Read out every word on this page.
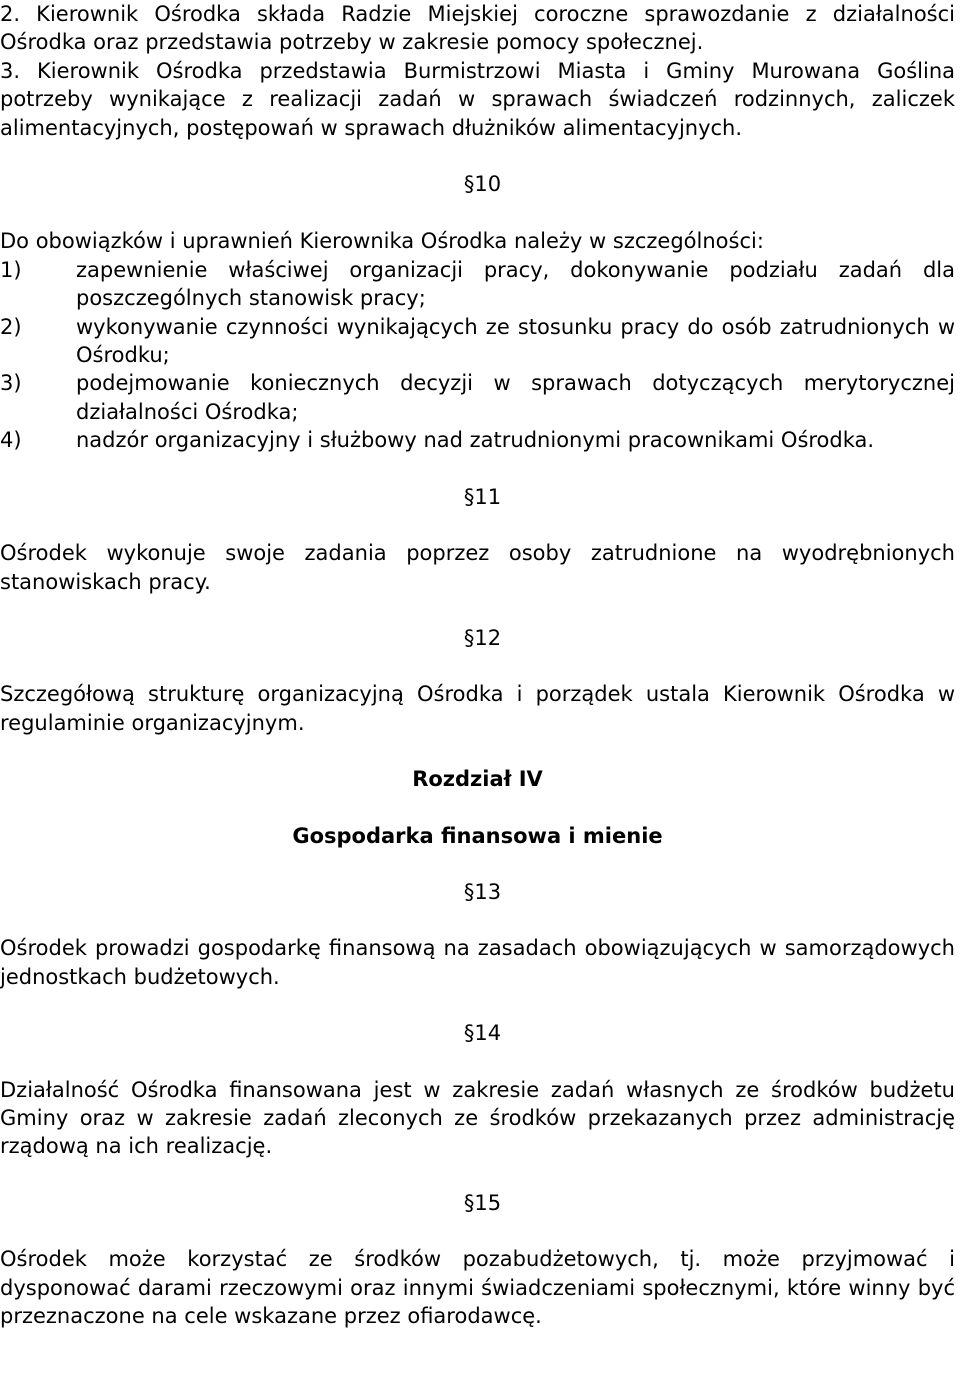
2. Kierownik Ośrodka składa Radzie Miejskiej coroczne sprawozdanie z działalności Ośrodka oraz przedstawia potrzeby w zakresie pomocy społecznej.

3. Kierownik Ośrodka przedstawia Burmistrzowi Miasta i Gminy Murowana Goślina potrzeby wynikające z realizacji zadań w sprawach świadczeń rodzinnych, zaliczek alimentacyjnych, postępowań w sprawach dłużników alimentacyjnych.

§10

Do obowiązków i uprawnień Kierownika Ośrodka należy w szczególności:

1)	zapewnienie właściwej organizacji pracy, dokonywanie podziału zadań dla poszczególnych stanowisk pracy;
2)	wykonywanie czynności wynikających ze stosunku pracy do osób zatrudnionych w Ośrodku;
3)	podejmowanie koniecznych decyzji w sprawach dotyczących merytorycznej działalności Ośrodka;
4)	nadzór organizacyjny i służbowy nad zatrudnionymi pracownikami Ośrodka.

§11

Ośrodek wykonuje swoje zadania poprzez osoby zatrudnione na wyodrębnionych stanowiskach pracy.

§12

Szczegółową strukturę organizacyjną Ośrodka i porządek ustala Kierownik Ośrodka w regulaminie organizacyjnym.

Rozdział IV

Gospodarka finansowa i mienie

§13

Ośrodek prowadzi gospodarkę finansową na zasadach obowiązujących w samorządowych jednostkach budżetowych.

§14

Działalność Ośrodka finansowana jest w zakresie zadań własnych ze środków budżetu Gminy oraz w zakresie zadań zleconych ze środków przekazanych przez administrację rządową na ich realizację.

§15

Ośrodek może korzystać ze środków pozabudżetowych, tj. może przyjmować i dysponować darami rzeczowymi oraz innymi świadczeniami społecznymi, które winny być przeznaczone na cele wskazane przez ofiarodawcę.
